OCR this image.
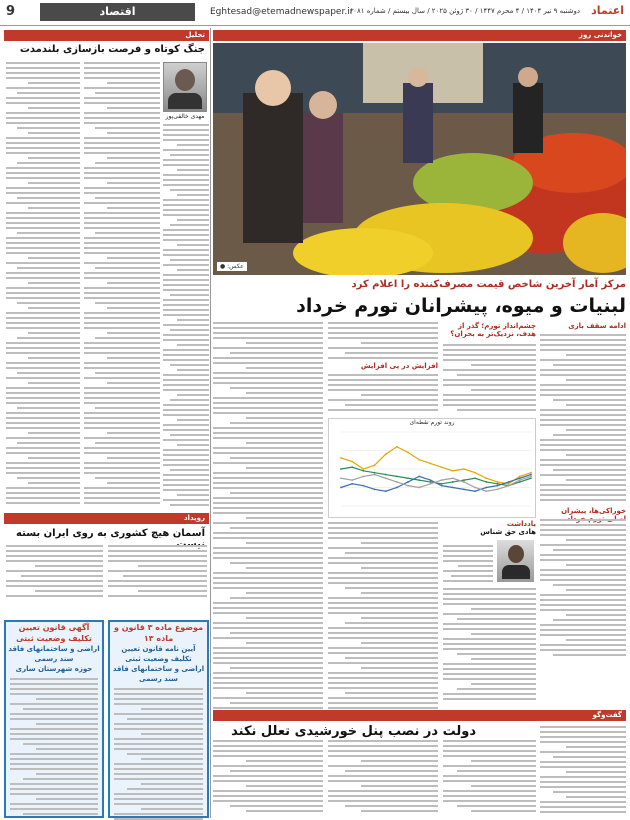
9	اقتصاد	Eghtesad@etemadnewspaper.ir
دوشنبه ۹ تیر ۱۴۰۴ / ۴ محرم ۱۴۴۷ / ۳۰ ژوئن ۲۰۲۵ / سال بیستم / شماره ۶۰۸۱ اعتماد
تحلیل
جنگ کوتاه و فرصت بازسازی بلندمدت
مهدی خالقی‌پور
رویداد
آسمان هیچ کشوری به روی ایران بسته
خواندنی روز
عکس: ●
مرکز آمار آخرین شاخص قیمت مصرف‌کننده را اعلام کرد
لبنیات و میوه، پیشرانان تورم خرداد
ادامه سقف بازی
خوراکی‌ها، پیشران
چشم‌انداز تورم؛ گذر از هدف، نزدیک‌تر به بحران؟
افزایش در پی افزایش
روند تورم نقطه‌ای
یادداشت
هادی حق شناس
آگهی قانون تعیین تکلیف وضعیت ثبتی
اراضی و ساختمانهای فاقد سند رسمی
حوزه شهرستان ساری
موضوع ماده ۳ قانون و ماده ۱۳
آیین نامه قانون تعیین تکلیف وضعیت ثبتی
اراضی و ساختمانهای فاقد سند رسمی
گفت‌وگو
دولت در نصب پنل خورشیدی تعلل نکند
